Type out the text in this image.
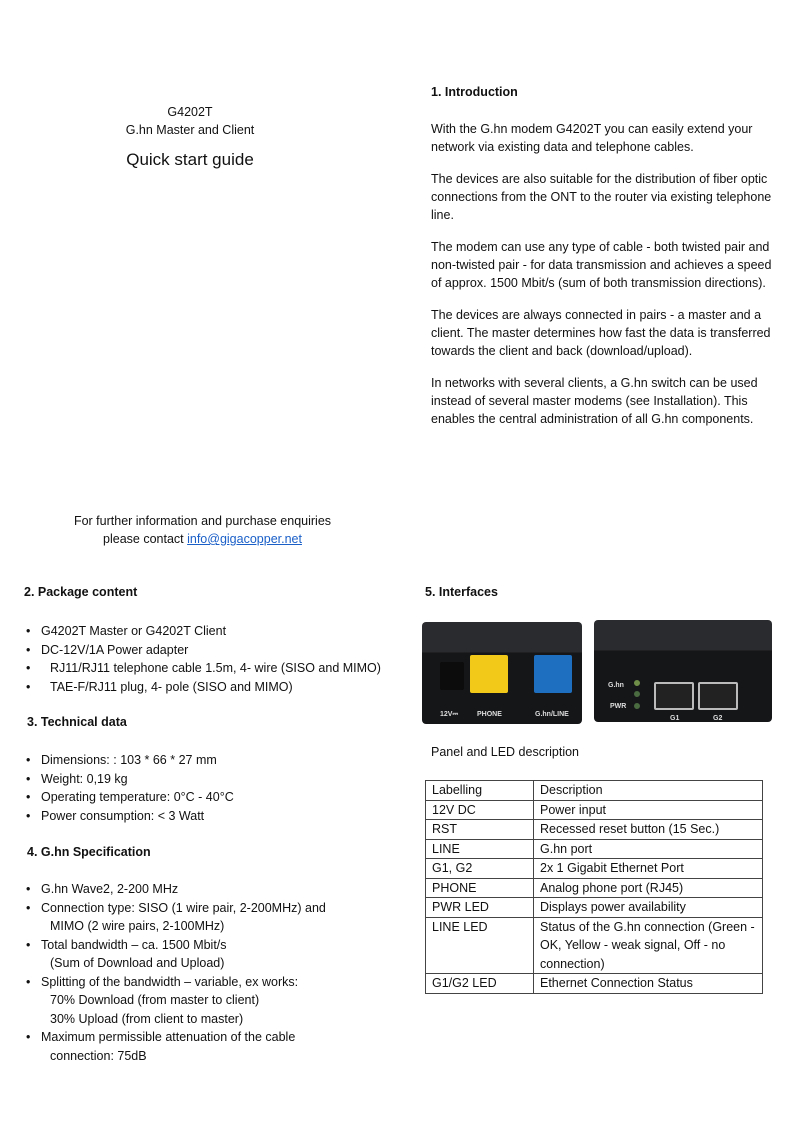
G4202T

G.hn Master and Client

Quick start guide

For further information and purchase enquiries

please contact info@gigacopper.net

1. Introduction

With the G.hn modem G4202T you can easily extend your network via existing data and telephone cables.

The devices are also suitable for the distribution of fiber optic connections from the ONT to the router via existing telephone line.

The modem can use any type of cable - both twisted pair and non-twisted pair - for data transmission and achieves a speed of approx. 1500 Mbit/s (sum of both transmission directions).

The devices are always connected in pairs - a master and a client. The master determines how fast the data is transferred towards the client and back (download/upload).

In networks with several clients, a G.hn switch can be used instead of several master modems (see Installation). This enables the central administration of all G.hn components.

2. Package content
• G4202T Master or G4202T Client
• DC-12V/1A Power adapter
• RJ11/RJ11 telephone cable 1.5m, 4- wire (SISO and MIMO)
• TAE-F/RJ11 plug, 4- pole (SISO and MIMO)
3. Technical data
• Dimensions: : 103 * 66 * 27 mm
• Weight: 0,19 kg
• Operating temperature: 0°C - 40°C
• Power consumption: < 3 Watt
4. G.hn Specification
• G.hn Wave2, 2-200 MHz
• Connection type: SISO (1 wire pair, 2-200MHz) and
MIMO (2 wire pairs, 2-100MHz)
• Total bandwidth – ca. 1500 Mbit/s
(Sum of Download and Upload)
• Splitting of the bandwidth – variable, ex works:
70% Download (from master to client)
30% Upload (from client to master)
• Maximum permissible attenuation of the cable
connection: 75dB
5. Interfaces
12V⎓	PHONE	G.hn/LINE
G.hn
PWR
G1	G2

Panel and LED description

Labelling	Description
12V DC	Power input
RST	Recessed reset button (15 Sec.)
LINE	G.hn port
G1, G2	2x 1 Gigabit Ethernet Port
PHONE	Analog phone port (RJ45)
PWR LED	Displays power availability
LINE LED	Status of the G.hn connection (Green - OK, Yellow - weak signal, Off - no connection)
G1/G2 LED	Ethernet Connection Status
